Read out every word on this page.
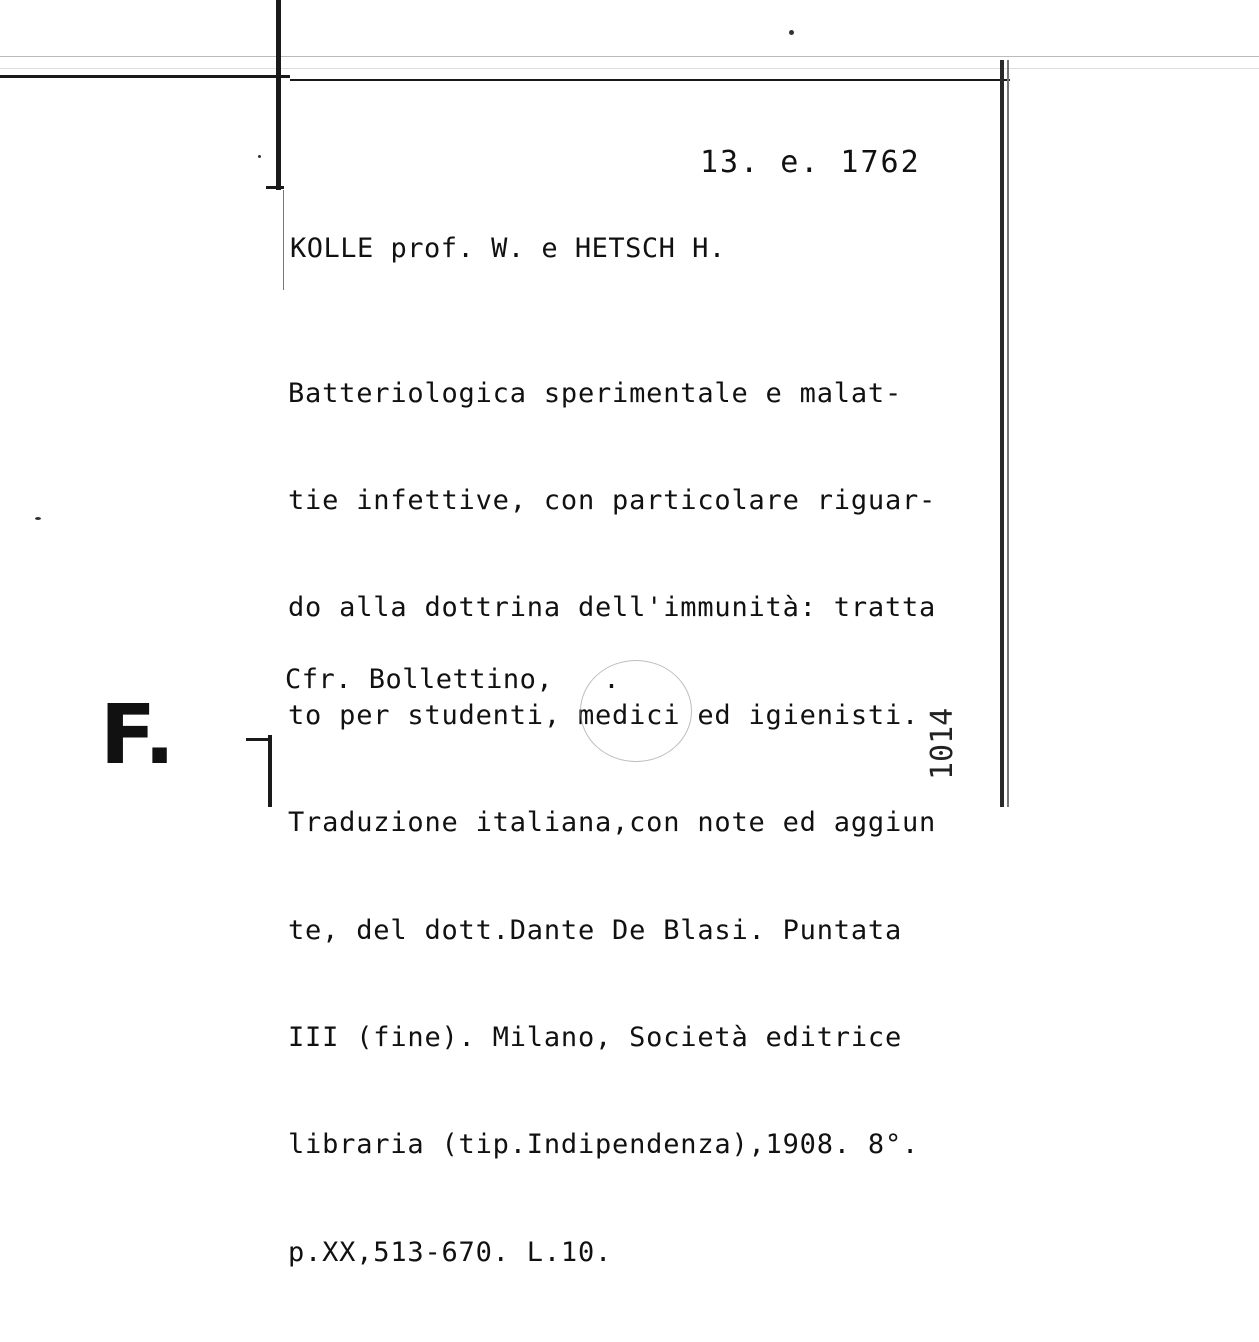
13. e. 1762
KOLLE prof. W. e HETSCH H.

Batteriologica sperimentale e malat-

tie infettive, con particolare riguar-

do alla dottrina dell'immunità: tratta

to per studenti, medici ed igienisti.

Traduzione italiana,con note ed aggiun

te, del dott.Dante De Blasi. Puntata

III (fine). Milano, Società editrice

libraria (tip.Indipendenza),1908. 8°.

p.XX,513-670. L.10.

Cfr. Bollettino,   .
F.	1014
